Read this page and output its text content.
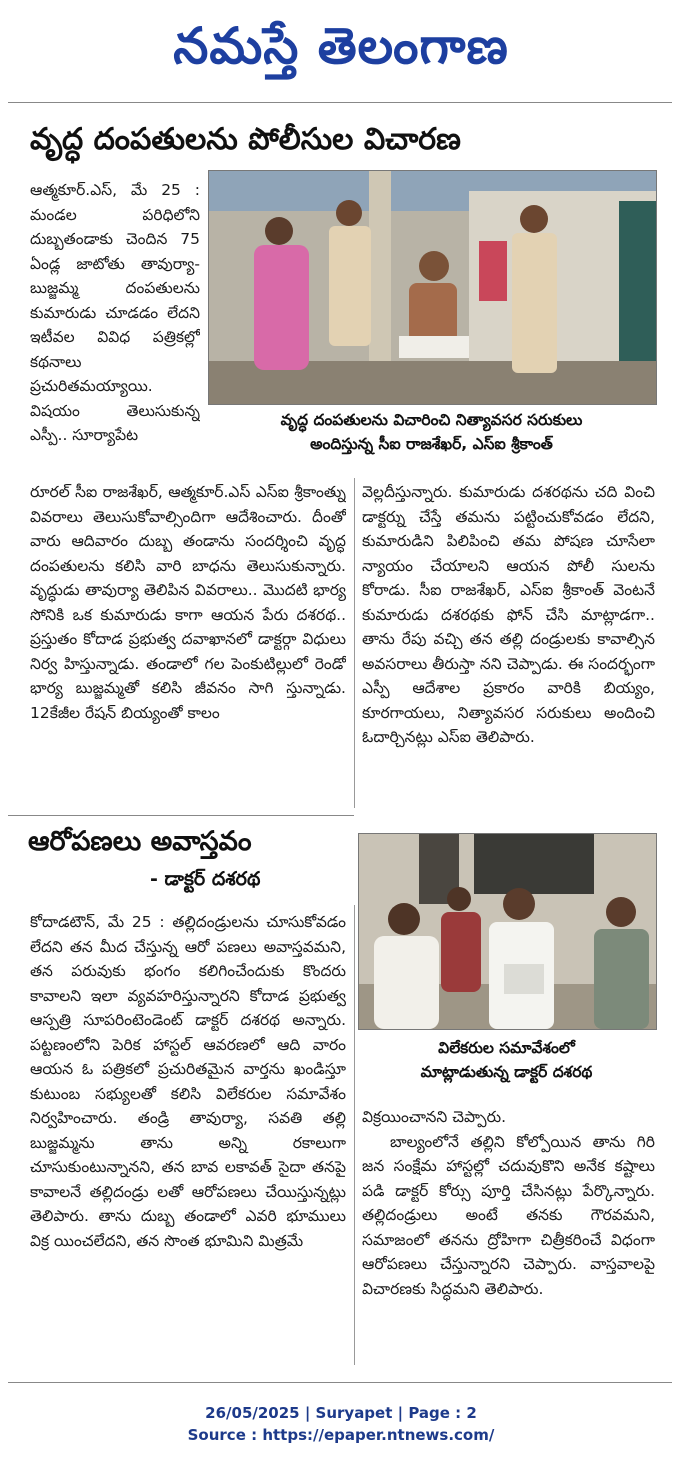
నమస్తే తెలంగాణ
వృద్ధ దంపతులను పోలీసుల విచారణ
వృద్ధ దంపతులను విచారించి నిత్యావసర సరుకులు
అందిస్తున్న సీఐ రాజశేఖర్, ఎస్ఐ శ్రీకాంత్

ఆత్మకూర్.ఎస్, మే 25 : మండల పరిధిలోని దుబ్బతండాకు చెందిన 75 ఏండ్ల జాటోతు తావుర్యా-బుజ్జమ్మ దంపతులను కుమారుడు చూడడం లేదని ఇటీవల వివిధ పత్రికల్లో కథనాలు ప్రచురితమయ్యాయి. విషయం తెలుసుకున్న ఎస్పీ.. సూర్యాపేట

రూరల్ సీఐ రాజశేఖర్, ఆత్మకూర్.ఎస్ ఎస్ఐ శ్రీకాంత్ను వివరాలు తెలుసుకోవాల్సిందిగా ఆదేశించారు. దీంతో వారు ఆదివారం దుబ్బ తండాను సందర్శించి వృద్ధ దంపతులను కలిసి వారి బాధను తెలుసుకున్నారు. వృద్ధుడు తావుర్యా తెలిపిన వివరాలు.. మొదటి భార్య సోనికి ఒక కుమారుడు కాగా ఆయన పేరు దశరథ.. ప్రస్తుతం కోదాడ ప్రభుత్వ దవాఖానలో డాక్టర్గా విధులు నిర్వ హిస్తున్నాడు. తండాలో గల పెంకుటిల్లులో రెండో భార్య బుజ్జమ్మతో కలిసి జీవనం సాగి స్తున్నాడు. 12కేజీల రేషన్ బియ్యంతో కాలం

వెల్లదీస్తున్నారు. కుమారుడు దశరథను చది వించి డాక్టర్ను చేస్తే తమను పట్టించుకోవడం లేదని, కుమారుడిని పిలిపించి తమ పోషణ చూసేలా న్యాయం చేయాలని ఆయన పోలీ సులను కోరాడు. సీఐ రాజశేఖర్, ఎస్ఐ శ్రీకాంత్ వెంటనే కుమారుడు దశరథకు ఫోన్ చేసి మాట్లాడగా.. తాను రేపు వచ్చి తన తల్లి దండ్రులకు కావాల్సిన అవసరాలు తీరుస్తా నని చెప్పాడు. ఈ సందర్భంగా ఎస్పీ ఆదేశాల ప్రకారం వారికి బియ్యం, కూరగాయలు, నిత్యావసర సరుకులు అందించి ఓదార్చినట్లు ఎస్ఐ తెలిపారు.

ఆరోపణలు అవాస్తవం
- డాక్టర్ దశరథ
విలేకరుల సమావేశంలో
మాట్లాడుతున్న డాక్టర్ దశరథ

కోదాడటౌన్, మే 25 : తల్లిదండ్రులను చూసుకోవడం లేదని తన మీద చేస్తున్న ఆరో పణలు అవాస్తవమని, తన పరువుకు భంగం కలిగించేందుకు కొందరు కావాలని ఇలా వ్యవహరిస్తున్నారని కోదాడ ప్రభుత్వ ఆస్పత్రి సూపరింటెండెంట్ డాక్టర్ దశరథ అన్నారు. పట్టణంలోని పెరిక హాస్టల్ ఆవరణలో ఆది వారం ఆయన ఓ పత్రికలో ప్రచురితమైన వార్తను ఖండిస్తూ కుటుంబ సభ్యులతో కలిసి విలేకరుల సమావేశం నిర్వహించారు. తండ్రి తావుర్యా, సవతి తల్లి బుజ్జమ్మను తాను అన్ని రకాలుగా చూసుకుంటున్నానని, తన బావ లకావత్ సైదా తనపై కావాలనే తల్లిదండ్రు లతో ఆరోపణలు చేయిస్తున్నట్లు తెలిపారు. తాను దుబ్బ తండాలో ఎవరి భూములు విక్ర యించలేదని, తన సొంత భూమిని మిత్రమే

విక్రయించానని చెప్పారు.

బాల్యంలోనే తల్లిని కోల్పోయిన తాను గిరి జన సంక్షేమ హాస్టల్లో చదువుకొని అనేక కష్టాలు పడి డాక్టర్ కోర్సు పూర్తి చేసినట్లు పేర్కొన్నారు. తల్లిదండ్రులు అంటే తనకు గౌరవమని, సమాజంలో తనను ద్రోహిగా చిత్రీకరించే విధంగా ఆరోపణలు చేస్తున్నారని చెప్పారు. వాస్తవాలపై విచారణకు సిద్ధమని తెలిపారు.

26/05/2025 | Suryapet | Page : 2
Source : https://epaper.ntnews.com/
